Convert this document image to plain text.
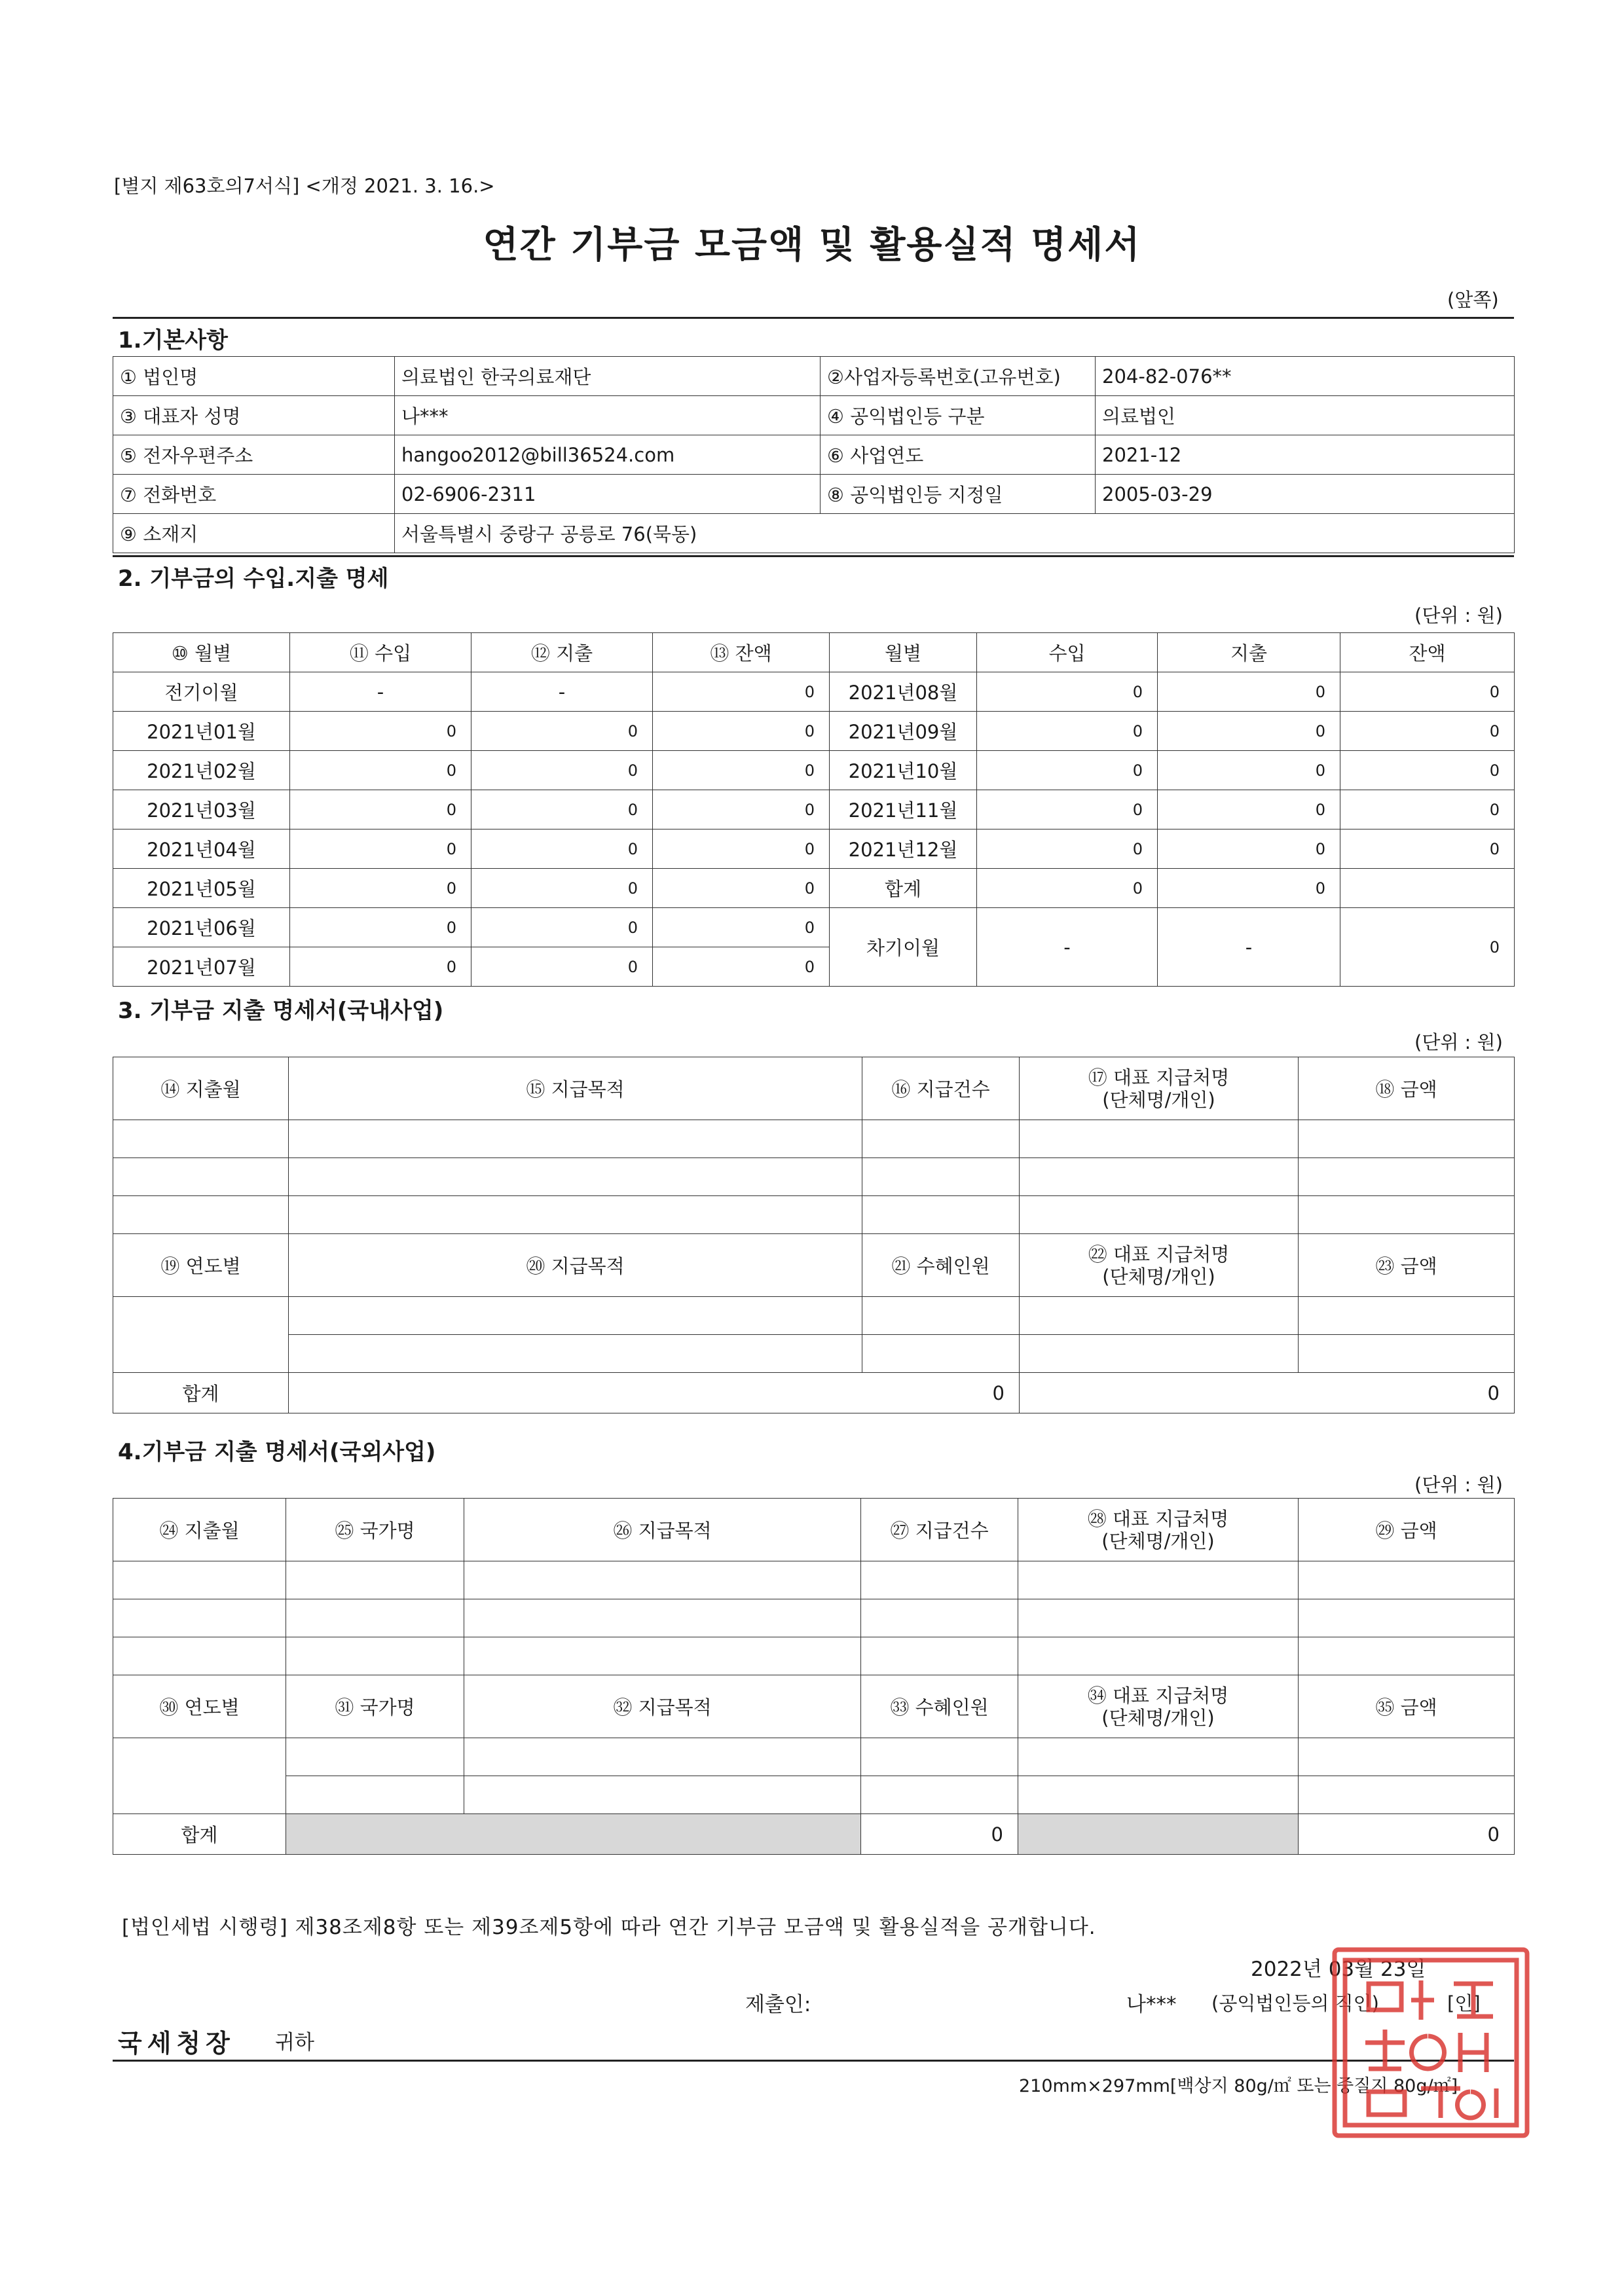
[별지 제63호의7서식] <개정 2021. 3. 16.>
연간 기부금 모금액 및 활용실적 명세서
(앞쪽)
1.기본사항
① 법인명	의료법인 한국의료재단	②사업자등록번호(고유번호)	204-82-076**
③ 대표자 성명	나***	④ 공익법인등 구분	의료법인
⑤ 전자우편주소	hangoo2012@bill36524.com	⑥ 사업연도	2021-12
⑦ 전화번호	02-6906-2311	⑧ 공익법인등 지정일	2005-03-29
⑨ 소재지	서울특별시 중랑구 공릉로 76(묵동)		
2. 기부금의 수입.지출 명세
(단위 : 원)
⑩ 월별	⑪ 수입	⑫ 지출	⑬ 잔액	월별	수입	지출	잔액
전기이월	-	-	0	2021년08월	0	0	0
2021년01월	0	0	0	2021년09월	0	0	0
2021년02월	0	0	0	2021년10월	0	0	0
2021년03월	0	0	0	2021년11월	0	0	0
2021년04월	0	0	0	2021년12월	0	0	0
2021년05월	0	0	0	합계	0	0	
2021년06월	0	0	0	차기이월	-	-	0
2021년07월	0	0	0				
3. 기부금 지출 명세서(국내사업)
(단위 : 원)
⑭ 지출월	⑮ 지급목적	⑯ 지급건수	⑰ 대표 지급처명
(단체명/개인)	⑱ 금액

⑲ 연도별	⑳ 지급목적	㉑ 수혜인원	㉒ 대표 지급처명
(단체명/개인)	㉓ 금액

합계	0		0	
4.기부금 지출 명세서(국외사업)
(단위 : 원)
㉔ 지출월	㉕ 국가명	㉖ 지급목적	㉗ 지급건수	㉘ 대표 지급처명
(단체명/개인)	㉙ 금액

㉚ 연도별	㉛ 국가명	㉜ 지급목적	㉝ 수혜인원	㉞ 대표 지급처명
(단체명/개인)	㉟ 금액

합계			0		0
[법인세법 시행령] 제38조제8항 또는 제39조제5항에 따라 연간 기부금 모금액 및 활용실적을 공개합니다.
2022년 03월 23일
제출인:	나*** (공익법인등의 직인)	[인]
국세청장 귀하
210mm×297mm[백상지 80g/㎡ 또는 중질지 80g/㎡]
